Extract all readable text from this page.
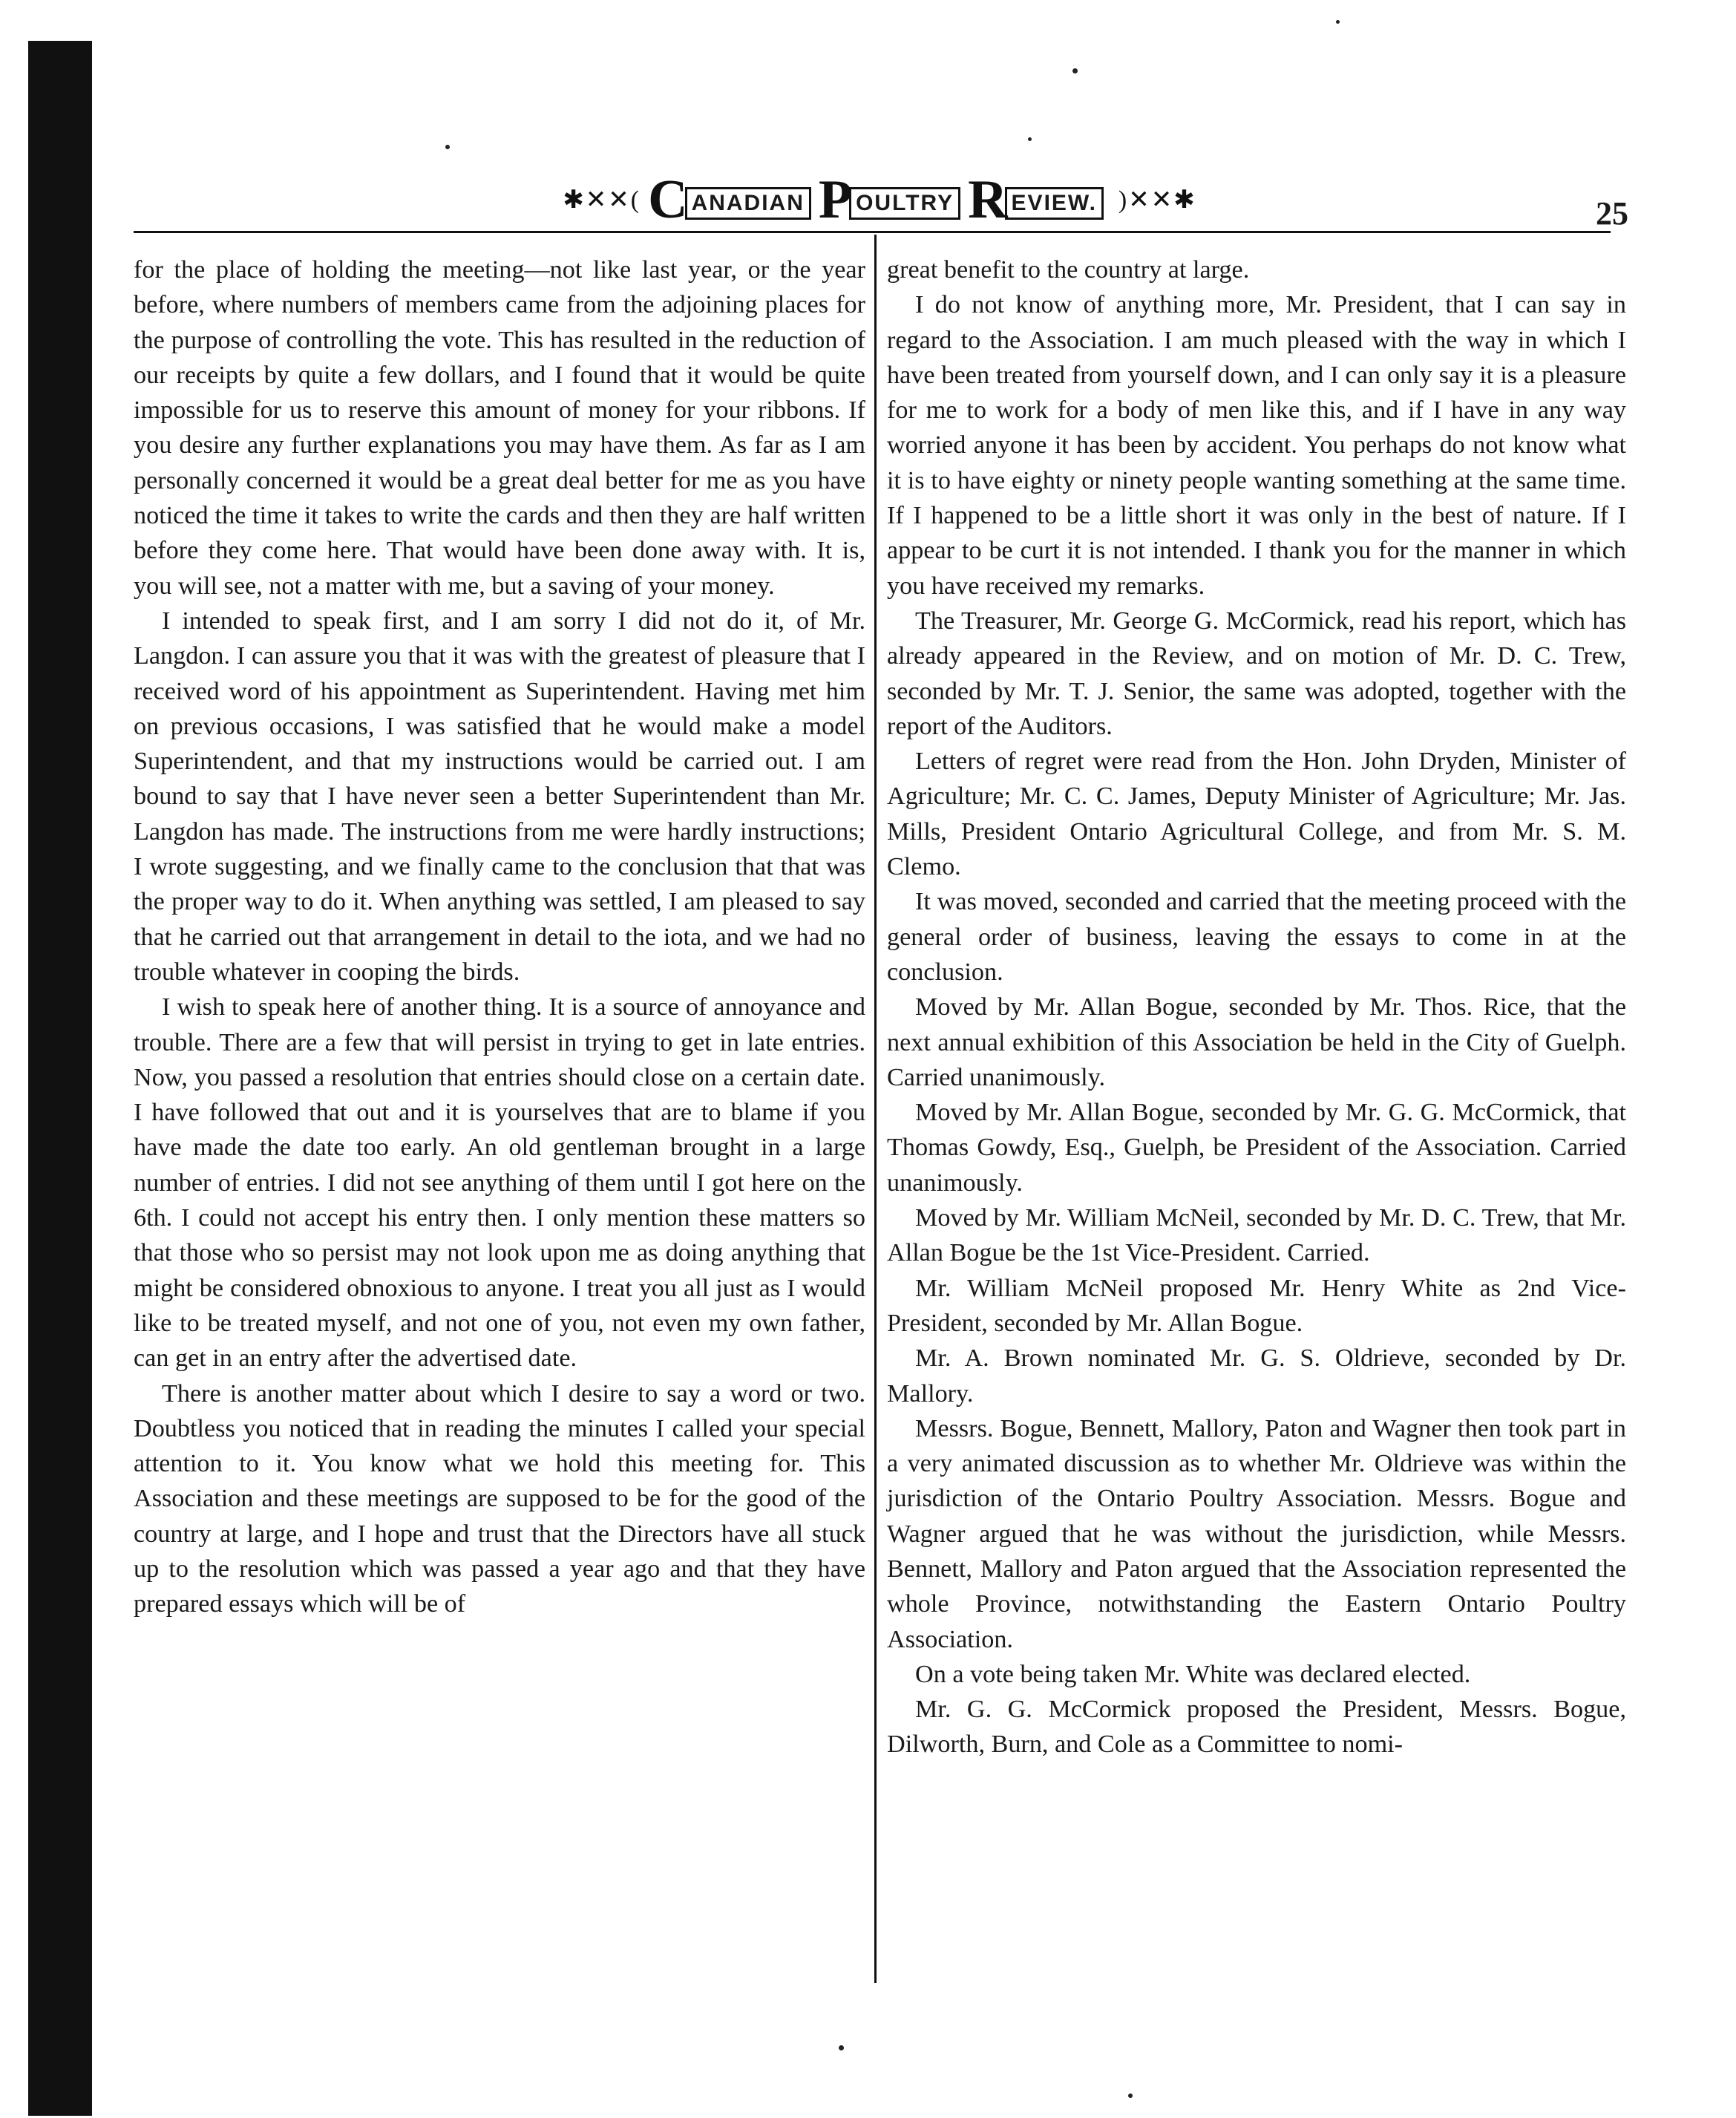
✱✕✕( C ANADIAN P OULTRY R EVIEW. )✕✕✱	25

for the place of holding the meeting—not like last year, or the year before, where numbers of members came from the adjoining places for the purpose of controlling the vote. This has resulted in the reduction of our receipts by quite a few dollars, and I found that it would be quite impossible for us to reserve this amount of money for your ribbons. If you desire any further explanations you may have them. As far as I am personally concerned it would be a great deal better for me as you have noticed the time it takes to write the cards and then they are half written before they come here. That would have been done away with. It is, you will see, not a matter with me, but a saving of your money.

I intended to speak first, and I am sorry I did not do it, of Mr. Langdon. I can assure you that it was with the greatest of pleasure that I received word of his appointment as Superintendent. Having met him on previous occasions, I was satisfied that he would make a model Superintendent, and that my instructions would be carried out. I am bound to say that I have never seen a better Superintendent than Mr. Langdon has made. The instructions from me were hardly instructions; I wrote suggesting, and we finally came to the conclusion that that was the proper way to do it. When anything was settled, I am pleased to say that he carried out that arrangement in detail to the iota, and we had no trouble whatever in cooping the birds.

I wish to speak here of another thing. It is a source of annoyance and trouble. There are a few that will persist in trying to get in late entries. Now, you passed a resolution that entries should close on a certain date. I have followed that out and it is yourselves that are to blame if you have made the date too early. An old gentleman brought in a large number of entries. I did not see anything of them until I got here on the 6th. I could not accept his entry then. I only mention these matters so that those who so persist may not look upon me as doing anything that might be considered obnoxious to anyone. I treat you all just as I would like to be treated myself, and not one of you, not even my own father, can get in an entry after the advertised date.

There is another matter about which I desire to say a word or two. Doubtless you noticed that in reading the minutes I called your special attention to it. You know what we hold this meeting for. This Association and these meetings are supposed to be for the good of the country at large, and I hope and trust that the Directors have all stuck up to the resolution which was passed a year ago and that they have prepared essays which will be of

great benefit to the country at large.

I do not know of anything more, Mr. President, that I can say in regard to the Association. I am much pleased with the way in which I have been treated from yourself down, and I can only say it is a pleasure for me to work for a body of men like this, and if I have in any way worried anyone it has been by accident. You perhaps do not know what it is to have eighty or ninety people wanting something at the same time. If I happened to be a little short it was only in the best of nature. If I appear to be curt it is not intended. I thank you for the manner in which you have received my remarks.

The Treasurer, Mr. George G. McCormick, read his report, which has already appeared in the Review, and on motion of Mr. D. C. Trew, seconded by Mr. T. J. Senior, the same was adopted, together with the report of the Auditors.

Letters of regret were read from the Hon. John Dryden, Minister of Agriculture; Mr. C. C. James, Deputy Minister of Agriculture; Mr. Jas. Mills, President Ontario Agricultural College, and from Mr. S. M. Clemo.

It was moved, seconded and carried that the meeting proceed with the general order of business, leaving the essays to come in at the conclusion.

Moved by Mr. Allan Bogue, seconded by Mr. Thos. Rice, that the next annual exhibition of this Association be held in the City of Guelph. Carried unanimously.

Moved by Mr. Allan Bogue, seconded by Mr. G. G. McCormick, that Thomas Gowdy, Esq., Guelph, be President of the Association. Carried unanimously.

Moved by Mr. William McNeil, seconded by Mr. D. C. Trew, that Mr. Allan Bogue be the 1st Vice-President. Carried.

Mr. William McNeil proposed Mr. Henry White as 2nd Vice-President, seconded by Mr. Allan Bogue.

Mr. A. Brown nominated Mr. G. S. Oldrieve, seconded by Dr. Mallory.

Messrs. Bogue, Bennett, Mallory, Paton and Wagner then took part in a very animated discussion as to whether Mr. Oldrieve was within the jurisdiction of the Ontario Poultry Association. Messrs. Bogue and Wagner argued that he was without the jurisdiction, while Messrs. Bennett, Mallory and Paton argued that the Association represented the whole Province, notwithstanding the Eastern Ontario Poultry Association.

On a vote being taken Mr. White was declared elected.

Mr. G. G. McCormick proposed the President, Messrs. Bogue, Dilworth, Burn, and Cole as a Committee to nomi-
